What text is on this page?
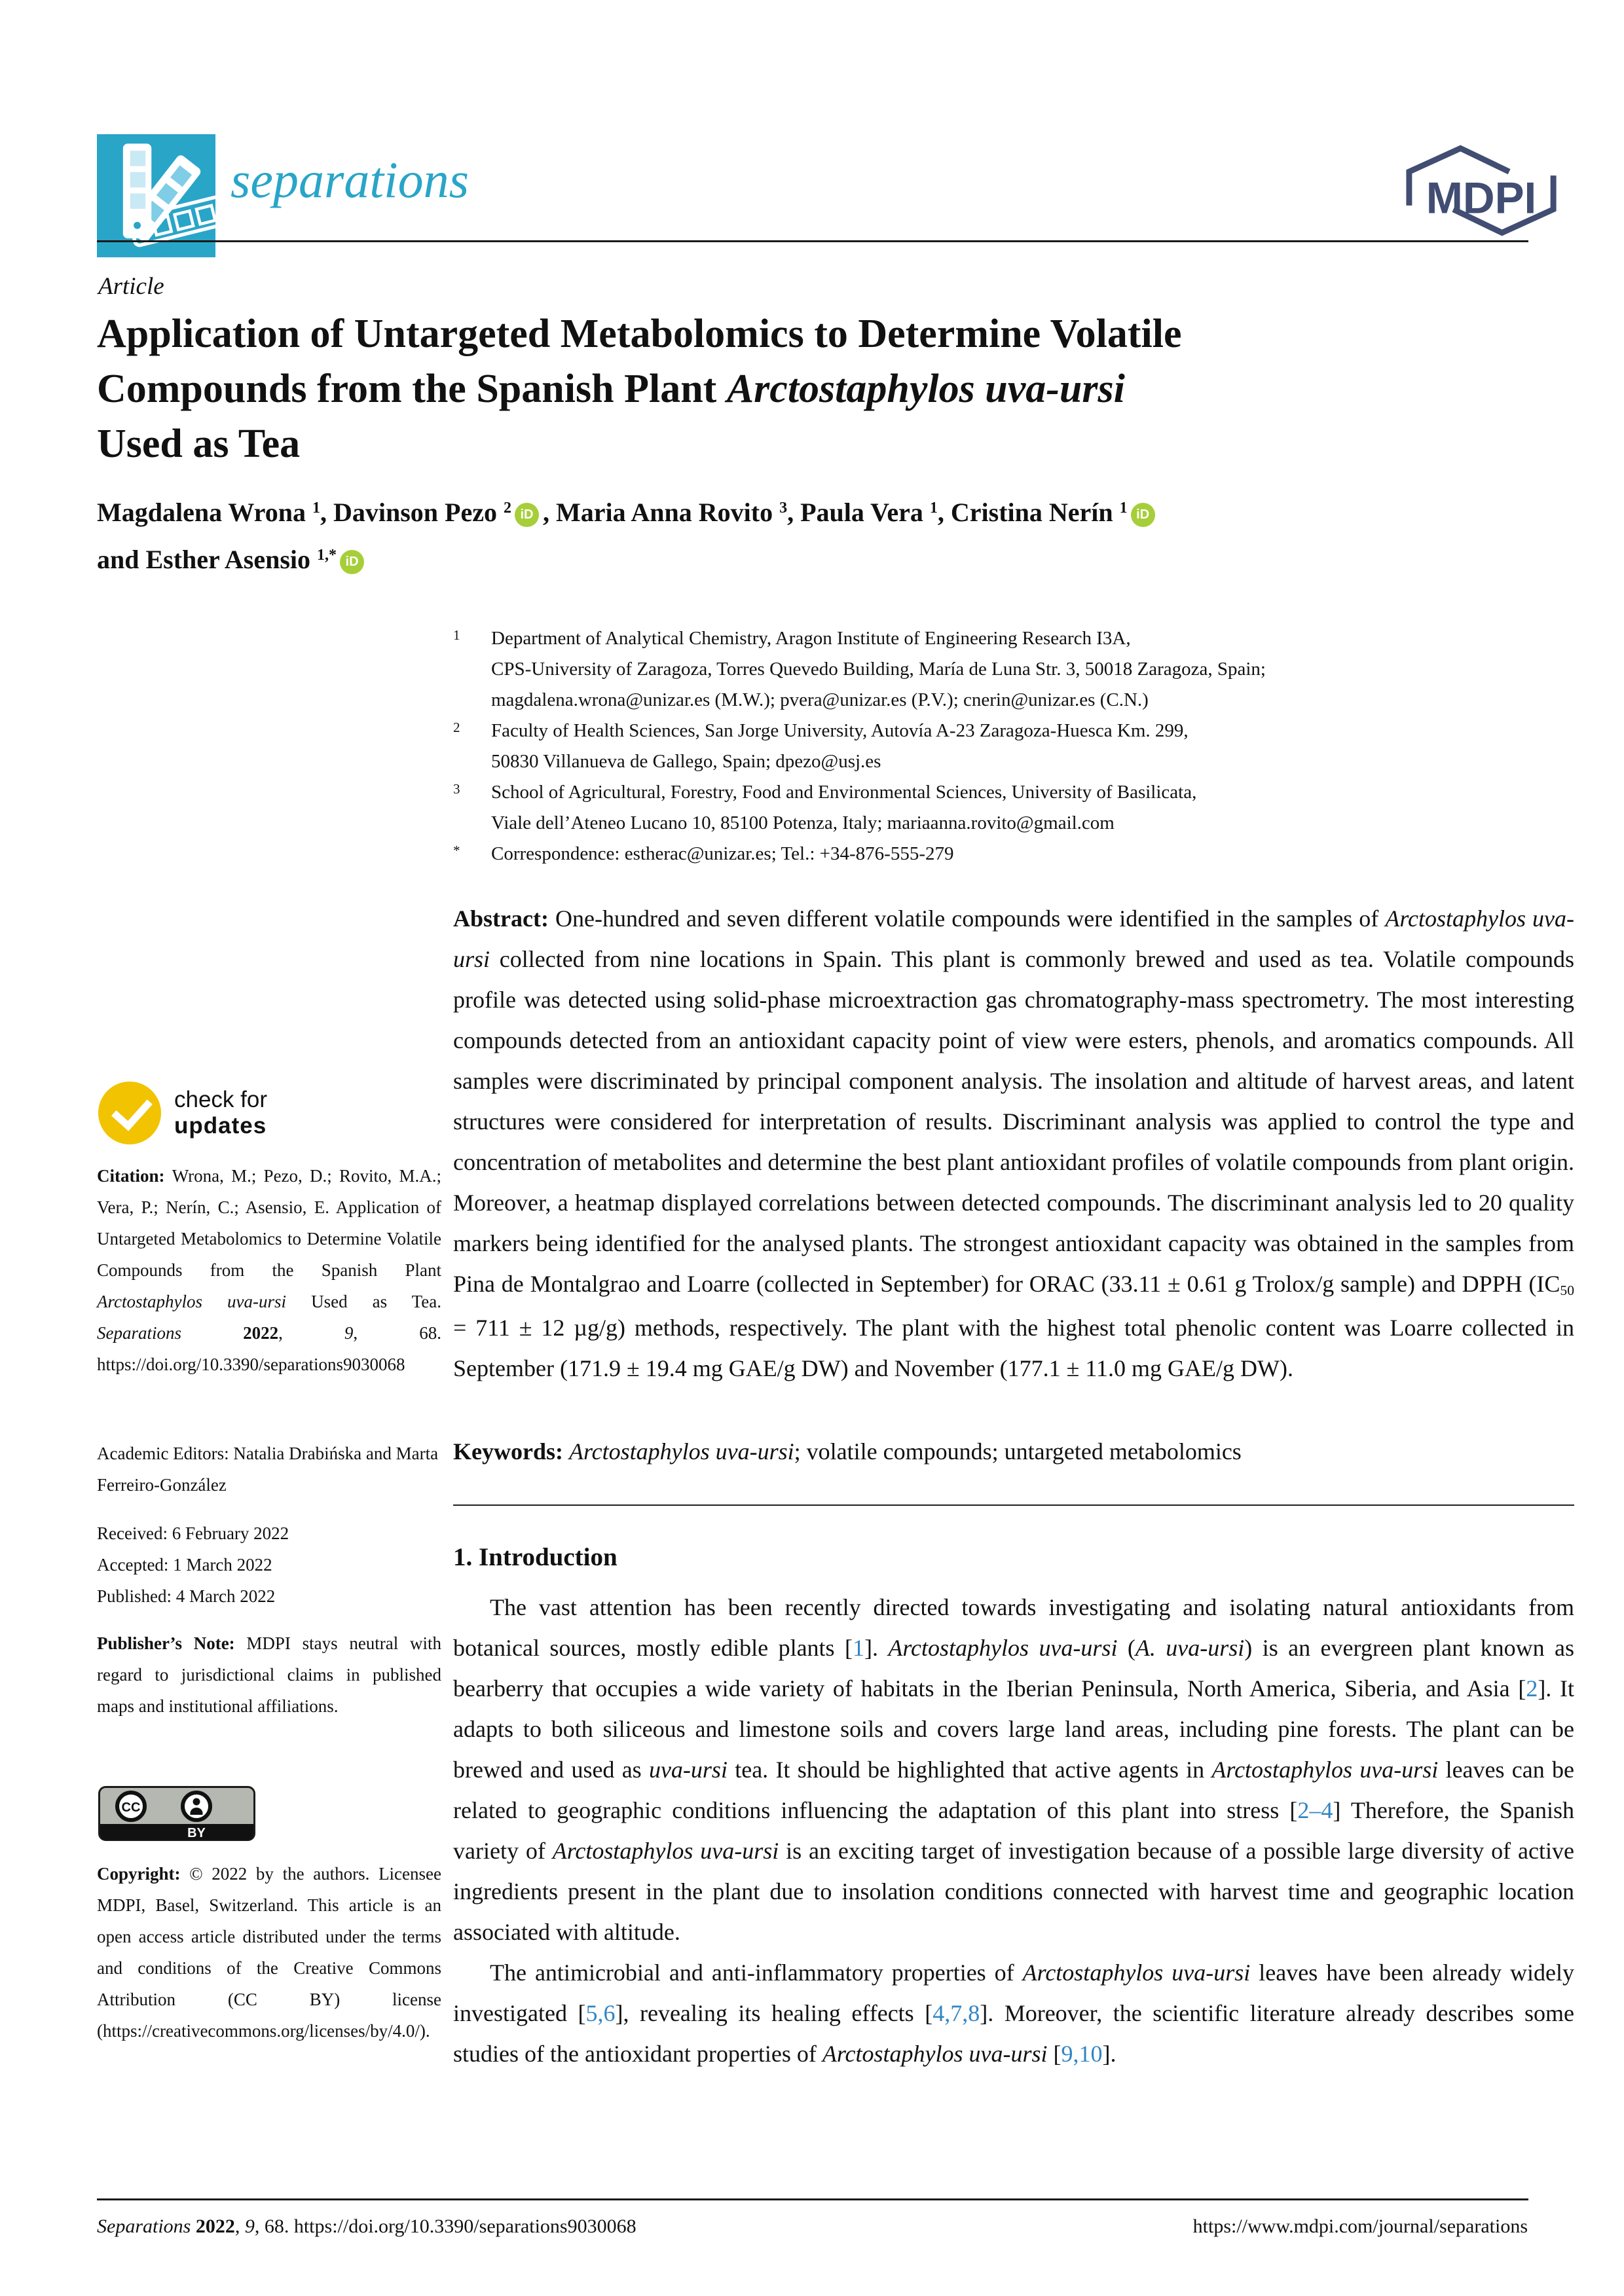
separations	MDPI
Article
Application of Untargeted Metabolomics to Determine Volatile
Compounds from the Spanish Plant Arctostaphylos uva-ursi
Used as Tea
Magdalena Wrona $^1$, Davinson Pezo $^2$ iD , Maria Anna Rovito $^3$, Paula Vera $^1$, Cristina Nerín $^1$ iD
and Esther Asensio $^{1,*}$ iD
1	Department of Analytical Chemistry, Aragon Institute of Engineering Research I3A,
CPS-University of Zaragoza, Torres Quevedo Building, María de Luna Str. 3, 50018 Zaragoza, Spain;
magdalena.wrona@unizar.es (M.W.); pvera@unizar.es (P.V.); cnerin@unizar.es (C.N.)
2	Faculty of Health Sciences, San Jorge University, Autovía A-23 Zaragoza-Huesca Km. 299,
50830 Villanueva de Gallego, Spain; dpezo@usj.es
3	School of Agricultural, Forestry, Food and Environmental Sciences, University of Basilicata,
Viale dell’Ateneo Lucano 10, 85100 Potenza, Italy; mariaanna.rovito@gmail.com
*	Correspondence: estherac@unizar.es; Tel.: +34-876-555-279
Abstract: One-hundred and seven different volatile compounds were identified in the samples of Arctostaphylos uva-ursi collected from nine locations in Spain. This plant is commonly brewed and used as tea. Volatile compounds profile was detected using solid-phase microextraction gas chromatography-mass spectrometry. The most interesting compounds detected from an antioxidant capacity point of view were esters, phenols, and aromatics compounds. All samples were discriminated by principal component analysis. The insolation and altitude of harvest areas, and latent structures were considered for interpretation of results. Discriminant analysis was applied to control the type and concentration of metabolites and determine the best plant antioxidant profiles of volatile compounds from plant origin. Moreover, a heatmap displayed correlations between detected compounds. The discriminant analysis led to 20 quality markers being identified for the analysed plants. The strongest antioxidant capacity was obtained in the samples from Pina de Montalgrao and Loarre (collected in September) for ORAC (33.11 ± 0.61 g Trolox/g sample) and DPPH (IC50 = 711 ± 12 µg/g) methods, respectively. The plant with the highest total phenolic content was Loarre collected in September (171.9 ± 19.4 mg GAE/g DW) and November (177.1 ± 11.0 mg GAE/g DW).
Keywords: Arctostaphylos uva-ursi; volatile compounds; untargeted metabolomics
1. Introduction

The vast attention has been recently directed towards investigating and isolating natural antioxidants from botanical sources, mostly edible plants [1]. Arctostaphylos uva-ursi (A. uva-ursi) is an evergreen plant known as bearberry that occupies a wide variety of habitats in the Iberian Peninsula, North America, Siberia, and Asia [2]. It adapts to both siliceous and limestone soils and covers large land areas, including pine forests. The plant can be brewed and used as uva-ursi tea. It should be highlighted that active agents in Arctostaphylos uva-ursi leaves can be related to geographic conditions influencing the adaptation of this plant into stress [2–4] Therefore, the Spanish variety of Arctostaphylos uva-ursi is an exciting target of investigation because of a possible large diversity of active ingredients present in the plant due to insolation conditions connected with harvest time and geographic location associated with altitude.

The antimicrobial and anti-inflammatory properties of Arctostaphylos uva-ursi leaves have been already widely investigated [5,6], revealing its healing effects [4,7,8]. Moreover, the scientific literature already describes some studies of the antioxidant properties of Arctostaphylos uva-ursi [9,10].

check for
updates
Citation: Wrona, M.; Pezo, D.; Rovito, M.A.; Vera, P.; Nerín, C.; Asensio, E. Application of Untargeted Metabolomics to Determine Volatile Compounds from the Spanish Plant Arctostaphylos uva-ursi Used as Tea. Separations	2022, 9, 68. https://doi.org/10.3390/separations9030068
Academic Editors: Natalia Drabińska and Marta Ferreiro-González
Received: 6 February 2022
Accepted: 1 March 2022
Published: 4 March 2022
Publisher’s Note: MDPI stays neutral with regard to jurisdictional claims in published maps and institutional affiliations.
CC
BY
Copyright: © 2022 by the authors. Licensee MDPI, Basel, Switzerland. This article is an open access article distributed under the terms and conditions of the Creative Commons Attribution (CC BY) license (https://creativecommons.org/licenses/by/4.0/).
Separations 2022, 9, 68. https://doi.org/10.3390/separations9030068	https://www.mdpi.com/journal/separations
